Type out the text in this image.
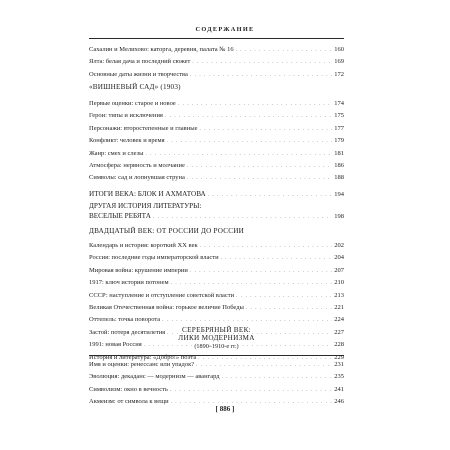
СОДЕРЖАНИЕ
Сахалин и Мелихово: каторга, деревня, палата № 16 . . .	160
Ялта: белая дача и последний сюжет . . .	169
Основные даты жизни и творчества . . .	172
«ВИШНЕВЫЙ САД» (1903)
Первые оценки: старое и новое . . .	174
Герои: типы и исключения . . .	175
Персонажи: второстепенные и главные . . .	177
Конфликт: человек и время . . .	179
Жанр: смех и слезы . . .	181
Атмосфера: нервность и молчание . . .	186
Символы: сад и лопнувшая струна . . .	188
ИТОГИ ВЕКА: БЛОК И АХМАТОВА . . .	194
ДРУГАЯ ИСТОРИЯ ЛИТЕРАТУРЫ:
ВЕСЕЛЫЕ РЕБЯТА . . .	198
ДВАДЦАТЫЙ ВЕК: ОТ РОССИИ ДО РОССИИ
Календарь и история: короткий XX век . . .	202
Россия: последние годы императорской власти . . .	204
Мировая война: крушение империи . . .	207
1917: ключ истории потонем . . .	210
СССР: наступление и отступление советской власти . . .	213
Великая Отечественная война: горькое величие Победы . . .	221
Оттепель: точка поворота . . .	224
Застой: потеря десятилетия . . .	227
1991: новая Россия . . .	228
История и литература: «Добро!» поэта . . .	229
СЕРЕБРЯНЫЙ ВЕК:
ЛИКИ МОДЕРНИЗМА
(1890–1910-е гг.)
Имя и оценки: ренессанс или упадок? . . .	231
Эволюция: декаданс — модернизм — авангард . . .	235
Символизм: окно в вечность . . .	241
Акмеизм: от символа к вещи . . .	246
[ 886 ]
